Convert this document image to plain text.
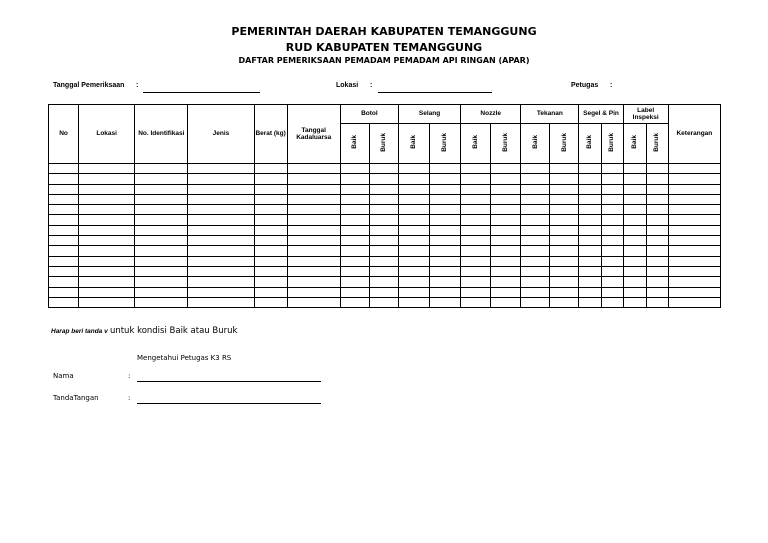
PEMERINTAH DAERAH KABUPATEN TEMANGGUNG
RUD KABUPATEN TEMANGGUNG
DAFTAR PEMERIKSAAN PEMADAM PEMADAM API RINGAN (APAR)
Tanggal Pemeriksaan :	Lokasi :	Petugas :
No	Lokasi	No. Identifikasi	Jenis	Berat (kg)	Tanggal Kadaluarsa	Botol		Selang		Nozzle		Tekanan		Segel & Pin		Label Inspeksi		Keterangan
						Baik	Buruk	Baik	Buruk	Baik	Buruk	Baik	Buruk	Baik	Buruk	Baik	Buruk	

Harap beri tanda v untuk kondisi Baik atau Buruk
Mengetahui Petugas K3 RS
Nama	:
TandaTangan	:
